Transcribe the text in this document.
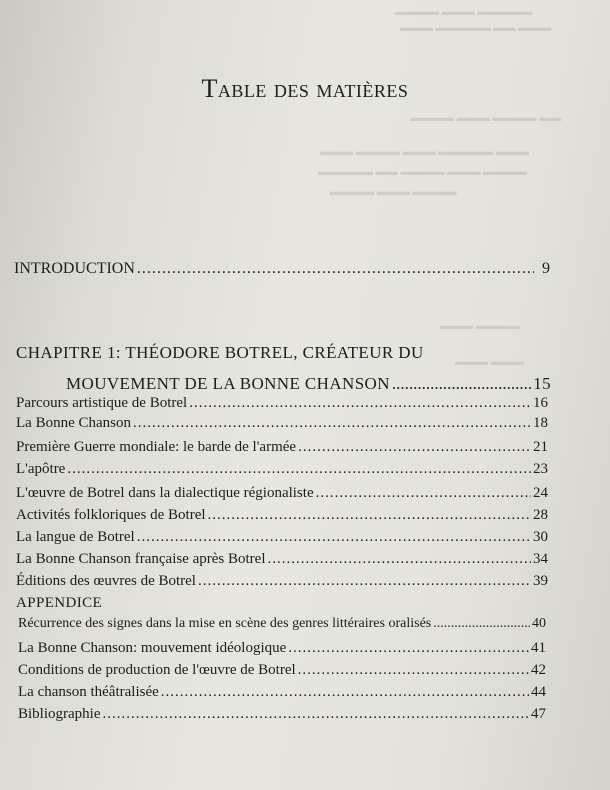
▬▬▬▬ ▬▬▬ ▬▬▬▬▬
▬▬▬ ▬▬▬▬▬ ▬▬ ▬▬▬
▬▬▬▬ ▬▬▬ ▬▬▬▬ ▬▬
▬▬▬ ▬▬▬▬ ▬▬▬ ▬▬▬▬▬ ▬▬▬
▬▬▬▬▬ ▬▬ ▬▬▬▬ ▬▬▬ ▬▬▬▬
▬▬▬▬ ▬▬▬ ▬▬▬▬
▬▬▬ ▬▬▬▬
▬▬▬ ▬▬▬
Table des matières
INTRODUCTION .....	9
CHAPITRE 1: THÉODORE BOTREL, CRÉATEUR DU
MOUVEMENT DE LA BONNE CHANSON .....	15
Parcours artistique de Botrel .....	16
La Bonne Chanson .....	18
Première Guerre mondiale: le barde de l'armée .....	21
L'apôtre .....	23
L'œuvre de Botrel dans la dialectique régionaliste .....	24
Activités folkloriques de Botrel .....	28
La langue de Botrel .....	30
La Bonne Chanson française après Botrel .....	34
Éditions des œuvres de Botrel .....	39
APPENDICE
Récurrence des signes dans la mise en scène des genres littéraires oralisés .....	40
La Bonne Chanson: mouvement idéologique .....	41
Conditions de production de l'œuvre de Botrel .....	42
La chanson théâtralisée .....	44
Bibliographie .....	47
